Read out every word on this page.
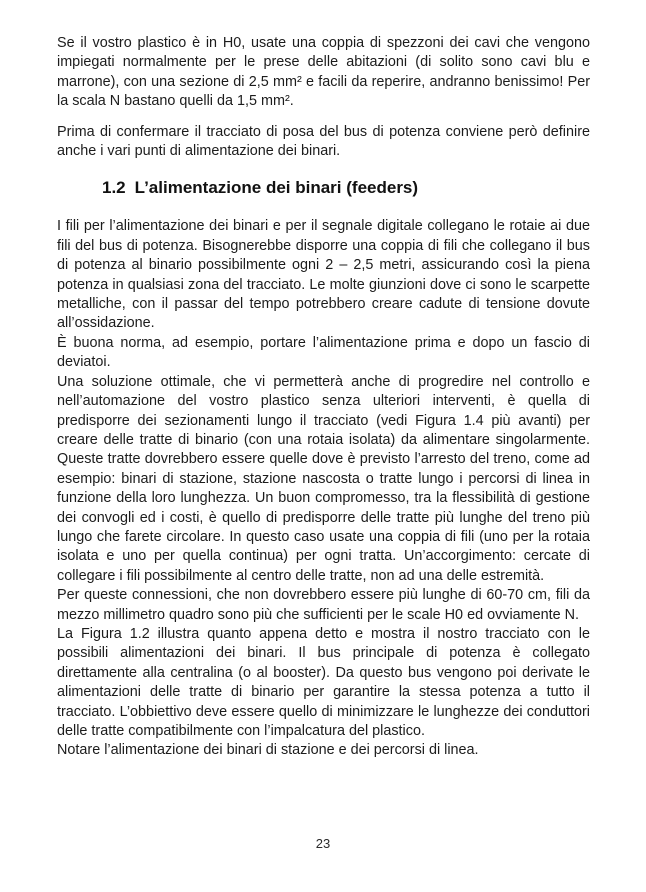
Se il vostro plastico è in H0, usate una coppia di spezzoni dei cavi che vengono impiegati normalmente per le prese delle abitazioni (di solito sono cavi blu e marrone), con una sezione di 2,5 mm² e facili da reperire, andranno benissimo! Per la scala N bastano quelli da 1,5 mm².

Prima di confermare il tracciato di posa del bus di potenza conviene però definire anche i vari punti di alimentazione dei binari.

1.2 L’alimentazione dei binari (feeders)

I fili per l’alimentazione dei binari e per il segnale digitale collegano le rotaie ai due fili del bus di potenza. Bisognerebbe disporre una coppia di fili che collegano il bus di potenza al binario possibilmente ogni 2 – 2,5 metri, assicurando così la piena potenza in qualsiasi zona del tracciato. Le molte giunzioni dove ci sono le scarpette metalliche, con il passar del tempo potrebbero creare cadute di tensione dovute all’ossidazione.

È buona norma, ad esempio, portare l’alimentazione prima e dopo un fascio di deviatoi.

Una soluzione ottimale, che vi permetterà anche di progredire nel controllo e nell’automazione del vostro plastico senza ulteriori interventi, è quella di predisporre dei sezionamenti lungo il tracciato (vedi Figura 1.4 più avanti) per creare delle tratte di binario (con una rotaia isolata) da alimentare singolarmente. Queste tratte dovrebbero essere quelle dove è previsto l’arresto del treno, come ad esempio: binari di stazione, stazione nascosta o tratte lungo i percorsi di linea in funzione della loro lunghezza. Un buon compromesso, tra la flessibilità di gestione dei convogli ed i costi, è quello di predisporre delle tratte più lunghe del treno più lungo che farete circolare. In questo caso usate una coppia di fili (uno per la rotaia isolata e uno per quella continua) per ogni tratta. Un’accorgimento: cercate di collegare i fili possibilmente al centro delle tratte, non ad una delle estremità.

Per queste connessioni, che non dovrebbero essere più lunghe di 60-70 cm, fili da mezzo millimetro quadro sono più che sufficienti per le scale H0 ed ovviamente N.

La Figura 1.2 illustra quanto appena detto e mostra il nostro tracciato con le possibili alimentazioni dei binari. Il bus principale di potenza è collegato direttamente alla centralina (o al booster). Da questo bus vengono poi derivate le alimentazioni delle tratte di binario per garantire la stessa potenza a tutto il tracciato. L’obbiettivo deve essere quello di minimizzare le lunghezze dei conduttori delle tratte compatibilmente con l’impalcatura del plastico.

Notare l’alimentazione dei binari di stazione e dei percorsi di linea.

23
